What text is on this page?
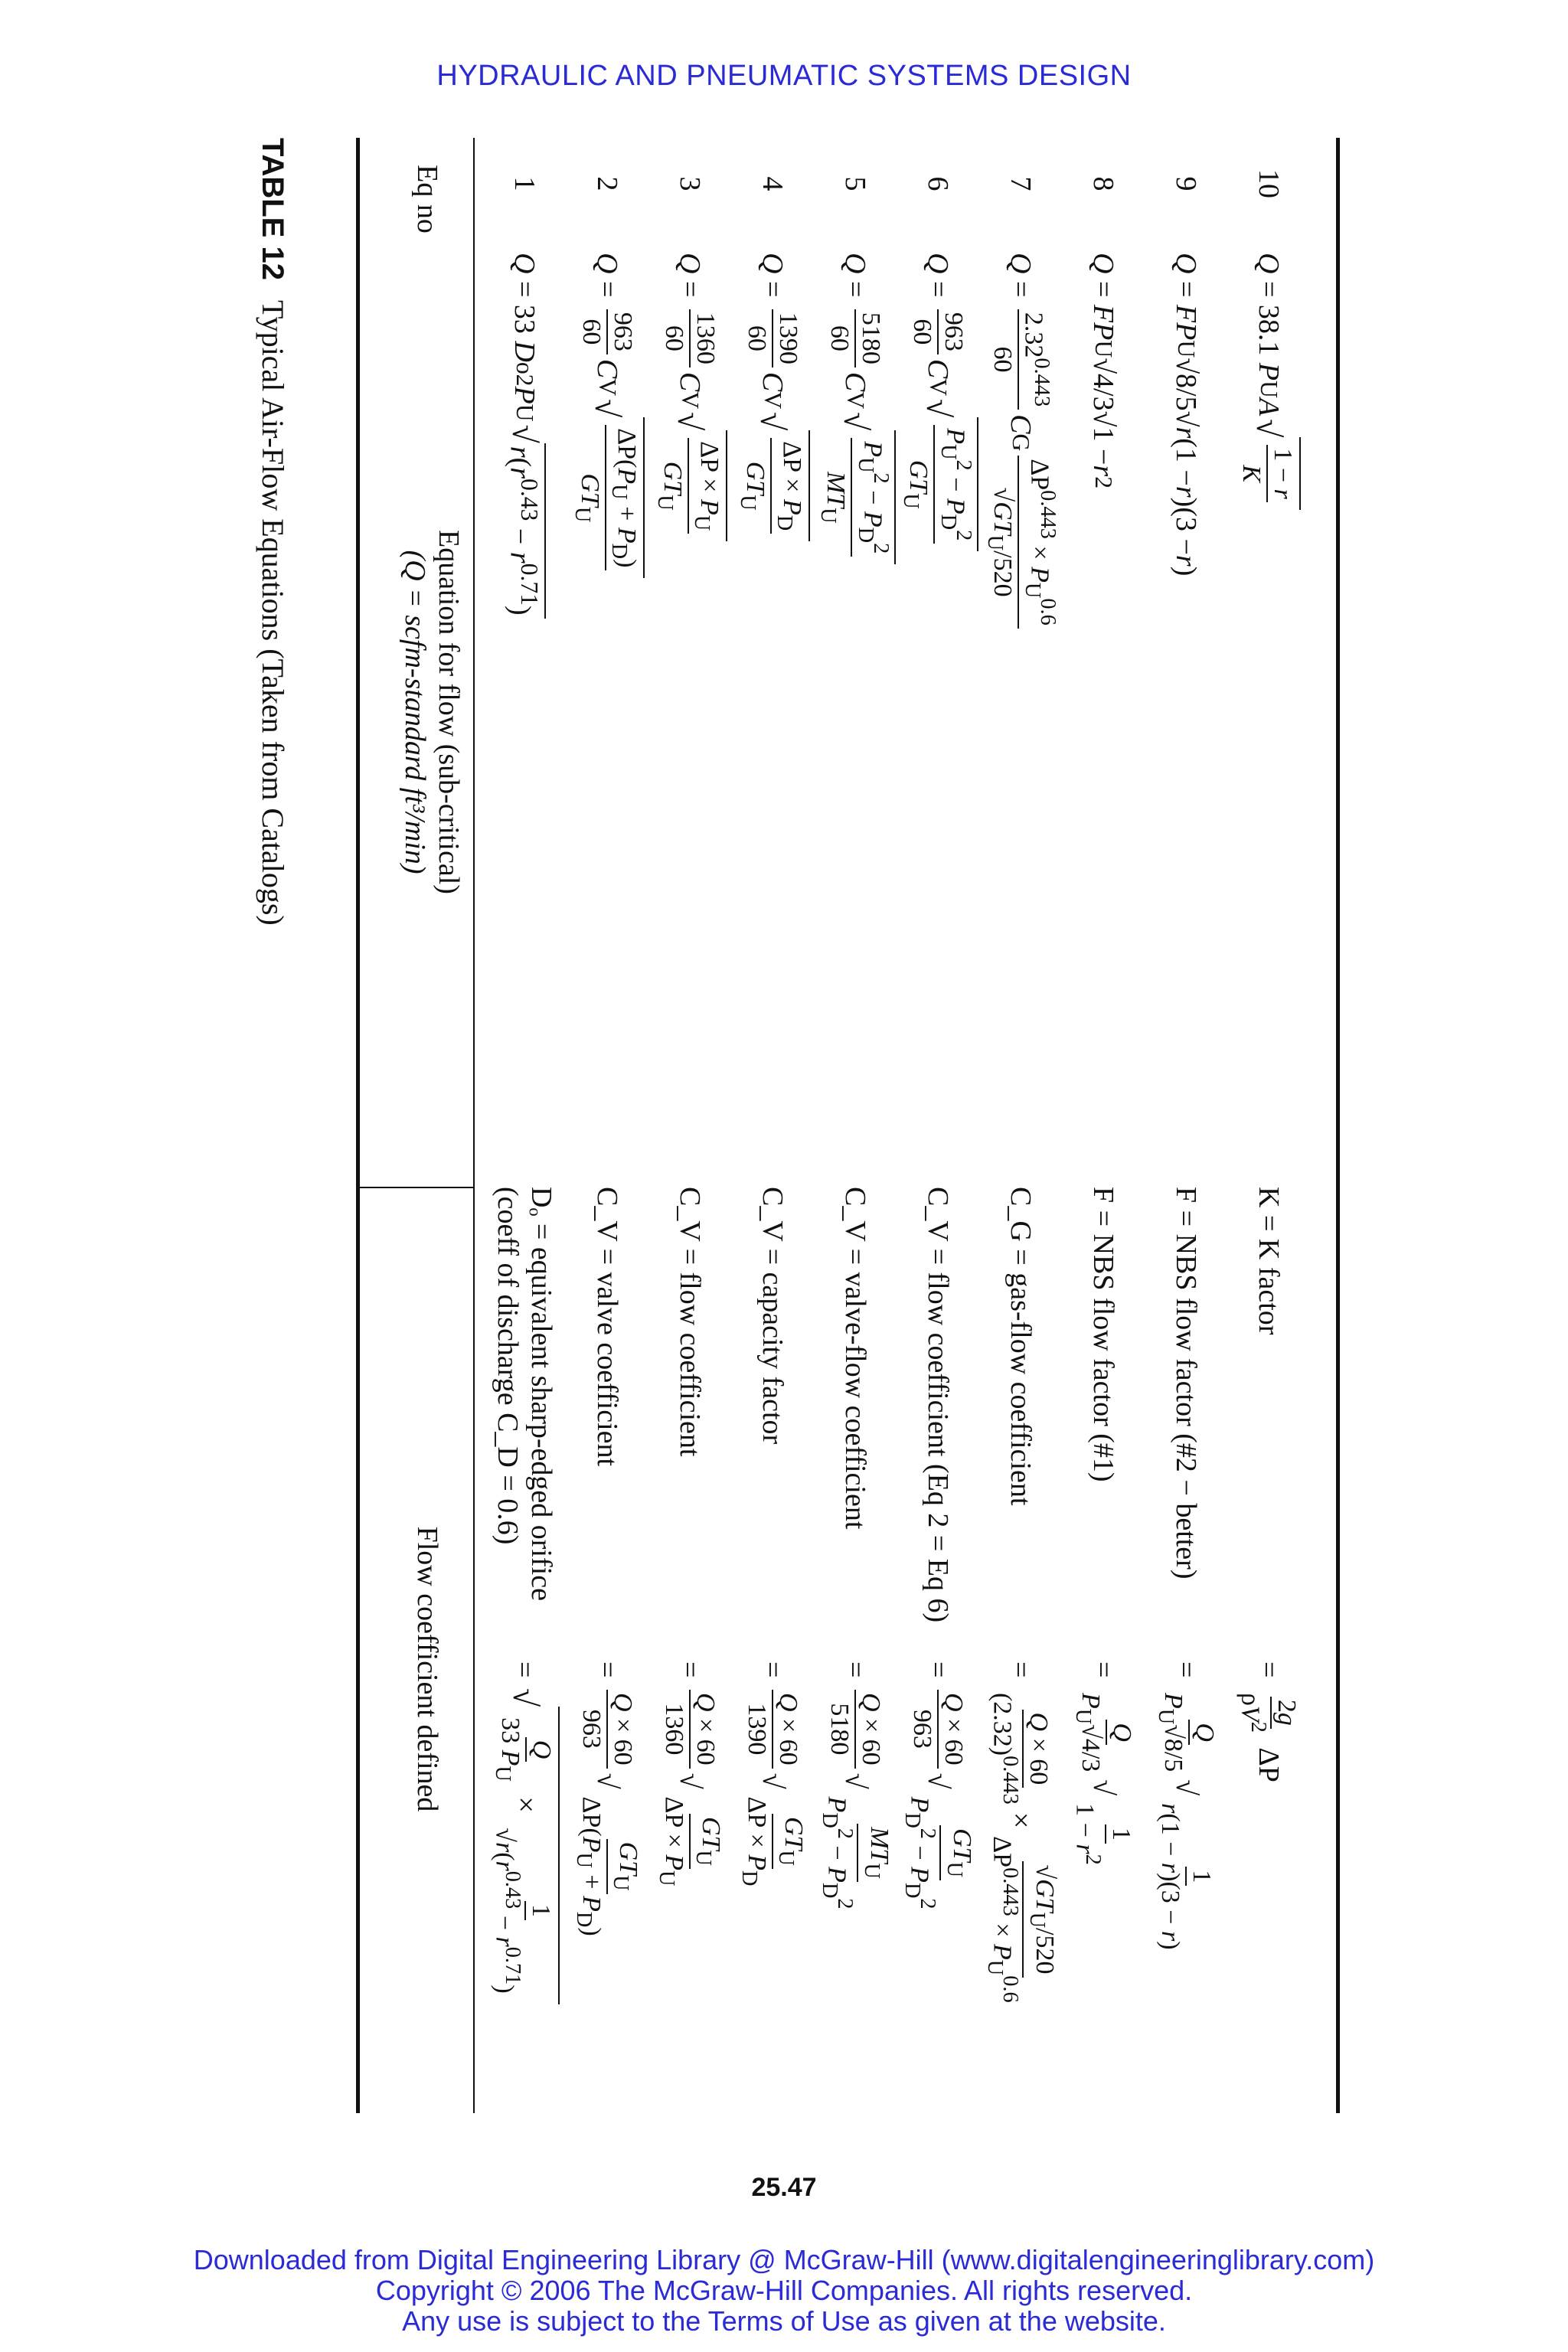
HYDRAULIC AND PNEUMATIC SYSTEMS DESIGN
TABLE 12Typical Air-Flow Equations (Taken from Catalogs)
Eq no
Equation for flow (sub-critical)
(Q = scfm-standard ft³/min)
Flow coefficient defined
1
Q
= 33
D
o
2
P
U
√
$r(r^{0.43} - r^{0.71})$
Dₒ = equivalent sharp-edged orifice
(coeff of discharge C_D = 0.6)
=
√
Q
33 $P_U$
×
1
$√r(r^{0.43} - r^{0.71})$
2
Q
=
963
60
C
V
√
$\Delta P(P_U + P_D)$
$GT_U$
C_V = valve coefficient
=
Q × 60
963
√
$GT_U$
$\Delta P(P_U + P_D)$
3
Q
=
1360
60
C
V
√
$\Delta P \times P_U$
$GT_U$
C_V = flow coefficient
=
Q × 60
1360
√
$GT_U$
$\Delta P \times P_U$
4
Q
=
1390
60
C
V
√
$\Delta P \times P_D$
$GT_U$
C_V = capacity factor
=
Q × 60
1390
√
$GT_U$
$\Delta P \times P_D$
5
Q
=
5180
60
C
V
√
$P_U^2 - P_D^2$
$MT_U$
C_V = valve-flow coefficient
=
Q × 60
5180
√
$MT_U$
$P_D^2 - P_D^2$
6
Q
=
963
60
C
V
√
$P_U^2 - P_D^2$
$GT_U$
C_V = flow coefficient (Eq 2 = Eq 6)
=
Q × 60
963
√
$GT_U$
$P_D^2 - P_D^2$
7
Q
=
$2.32^{0.443}$
60
C
G
$\Delta P^{0.443} \times P_U^{0.6}$
$√GT_U/520$
C_G = gas-flow coefficient
=
Q × 60
$(2.32)^{0.443}$
×
$√GT_U/520$
$\Delta P^{0.443} \times P_U^{0.6}$
8
Q
=
FP
U
√4/3√1 −
r
2
F = NBS flow factor (#1)
=
Q
$P_U√4/3$
√
1
$1 - r^2$
9
Q
=
FP
U
√8/5√
r
(1 −
r
)(3 −
r
)
F = NBS flow factor (#2 − better)
=
Q
$P_U√8/5$
√
1
r(1 − r)(3 − r)
10
Q
= 38.1
P
U
A
√
1 − r
K
K = K factor
=
2g
$\rho V^2$
ΔP
25.47
Downloaded from Digital Engineering Library @ McGraw-Hill (www.digitalengineeringlibrary.com)
Copyright © 2006 The McGraw-Hill Companies. All rights reserved.
Any use is subject to the Terms of Use as given at the website.
